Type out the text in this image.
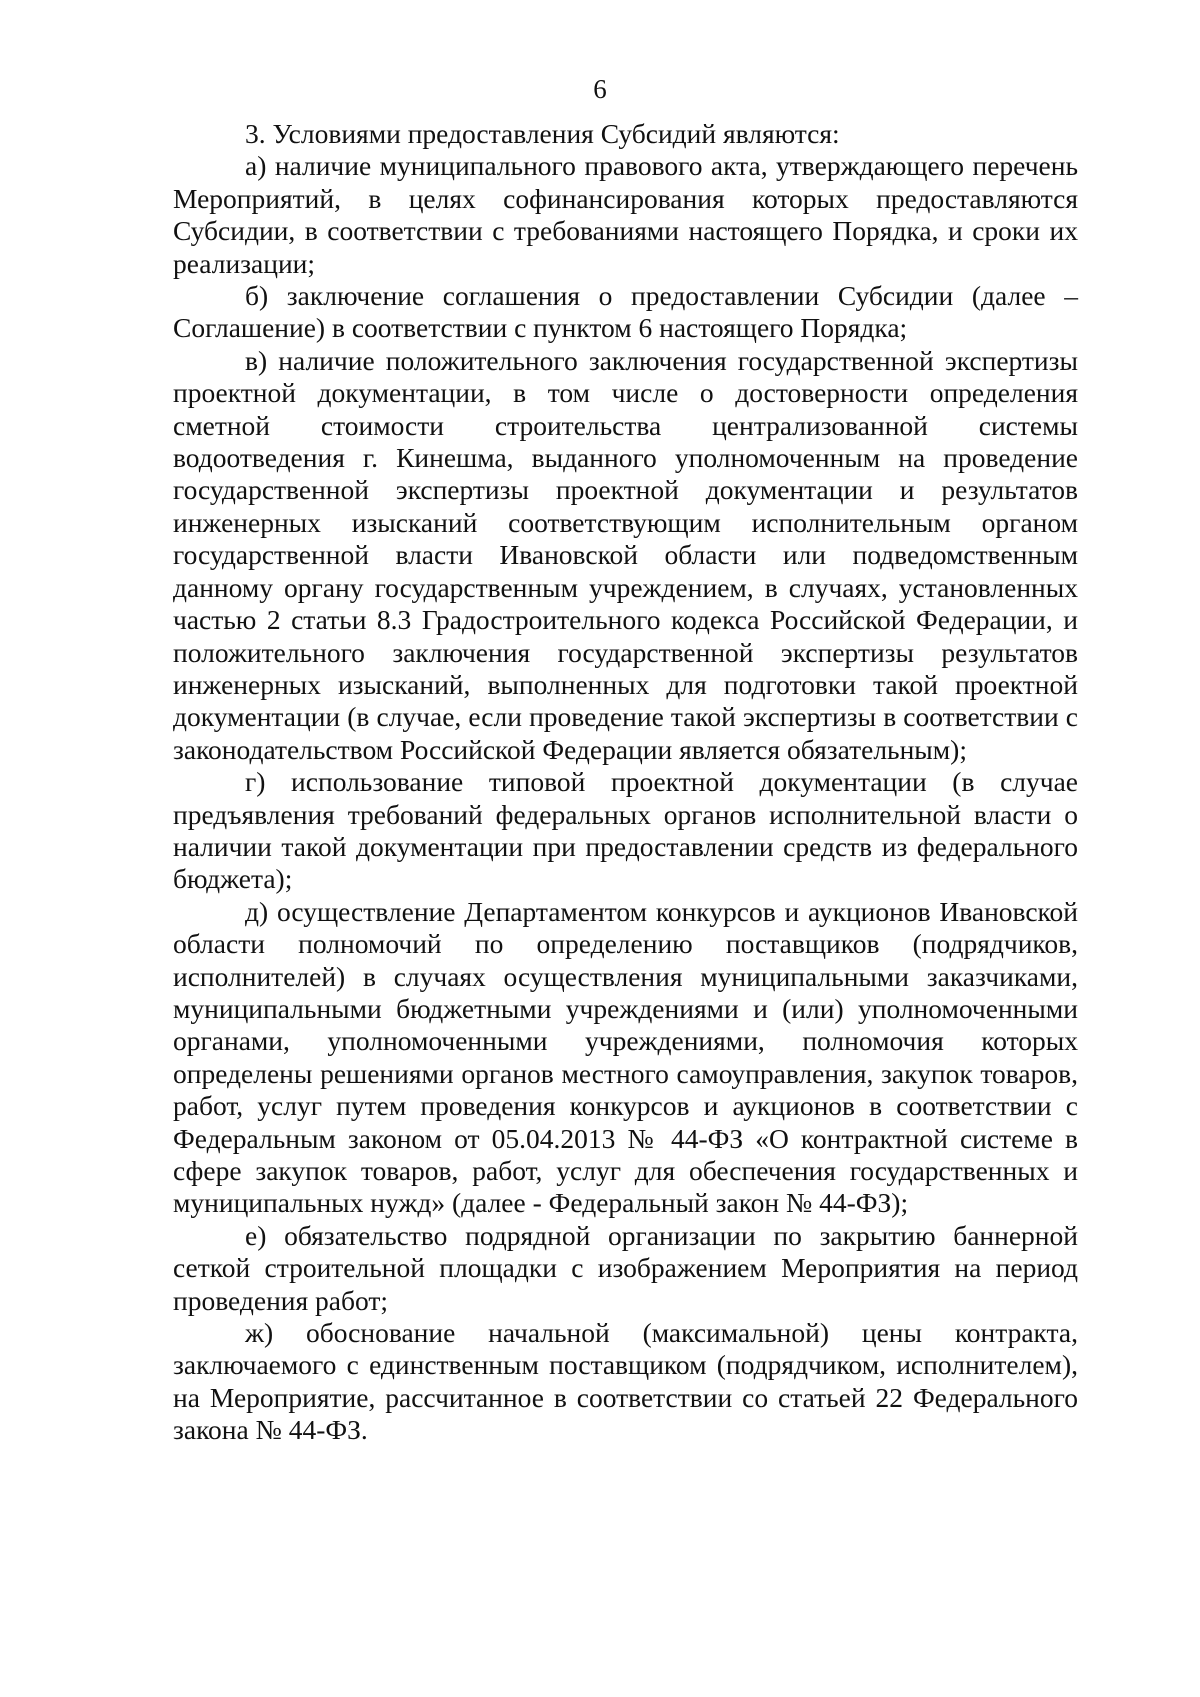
6

3. Условиями предоставления Субсидий являются:

а) наличие муниципального правового акта, утверждающего перечень Мероприятий, в целях софинансирования которых предоставляются Субсидии, в соответствии с требованиями настоящего Порядка, и сроки их реализации;

б) заключение соглашения о предоставлении Субсидии (далее – Соглашение) в соответствии с пунктом 6 настоящего Порядка;

в) наличие положительного заключения государственной экспертизы проектной документации, в том числе о достоверности определения сметной стоимости строительства централизованной системы водоотведения г. Кинешма, выданного уполномоченным на проведение государственной экспертизы проектной документации и результатов инженерных изысканий соответствующим исполнительным органом государственной власти Ивановской области или подведомственным данному органу государственным учреждением, в случаях, установленных частью 2 статьи 8.3 Градостроительного кодекса Российской Федерации, и положительного заключения государственной экспертизы результатов инженерных изысканий, выполненных для подготовки такой проектной документации (в случае, если проведение такой экспертизы в соответствии с законодательством Российской Федерации является обязательным);

г) использование типовой проектной документации (в случае предъявления требований федеральных органов исполнительной власти о наличии такой документации при предоставлении средств из федерального бюджета);

д) осуществление Департаментом конкурсов и аукционов Ивановской области полномочий по определению поставщиков (подрядчиков, исполнителей) в случаях осуществления муниципальными заказчиками, муниципальными бюджетными учреждениями и (или) уполномоченными органами, уполномоченными учреждениями, полномочия которых определены решениями органов местного самоуправления, закупок товаров, работ, услуг путем проведения конкурсов и аукционов в соответствии с Федеральным законом от 05.04.2013 № 44-ФЗ «О контрактной системе в сфере закупок товаров, работ, услуг для обеспечения государственных и муниципальных нужд» (далее - Федеральный закон № 44-ФЗ);

е) обязательство подрядной организации по закрытию баннерной сеткой строительной площадки с изображением Мероприятия на период проведения работ;

ж) обоснование начальной (максимальной) цены контракта, заключаемого с единственным поставщиком (подрядчиком, исполнителем), на Мероприятие, рассчитанное в соответствии со статьей 22 Федерального закона № 44-ФЗ.
